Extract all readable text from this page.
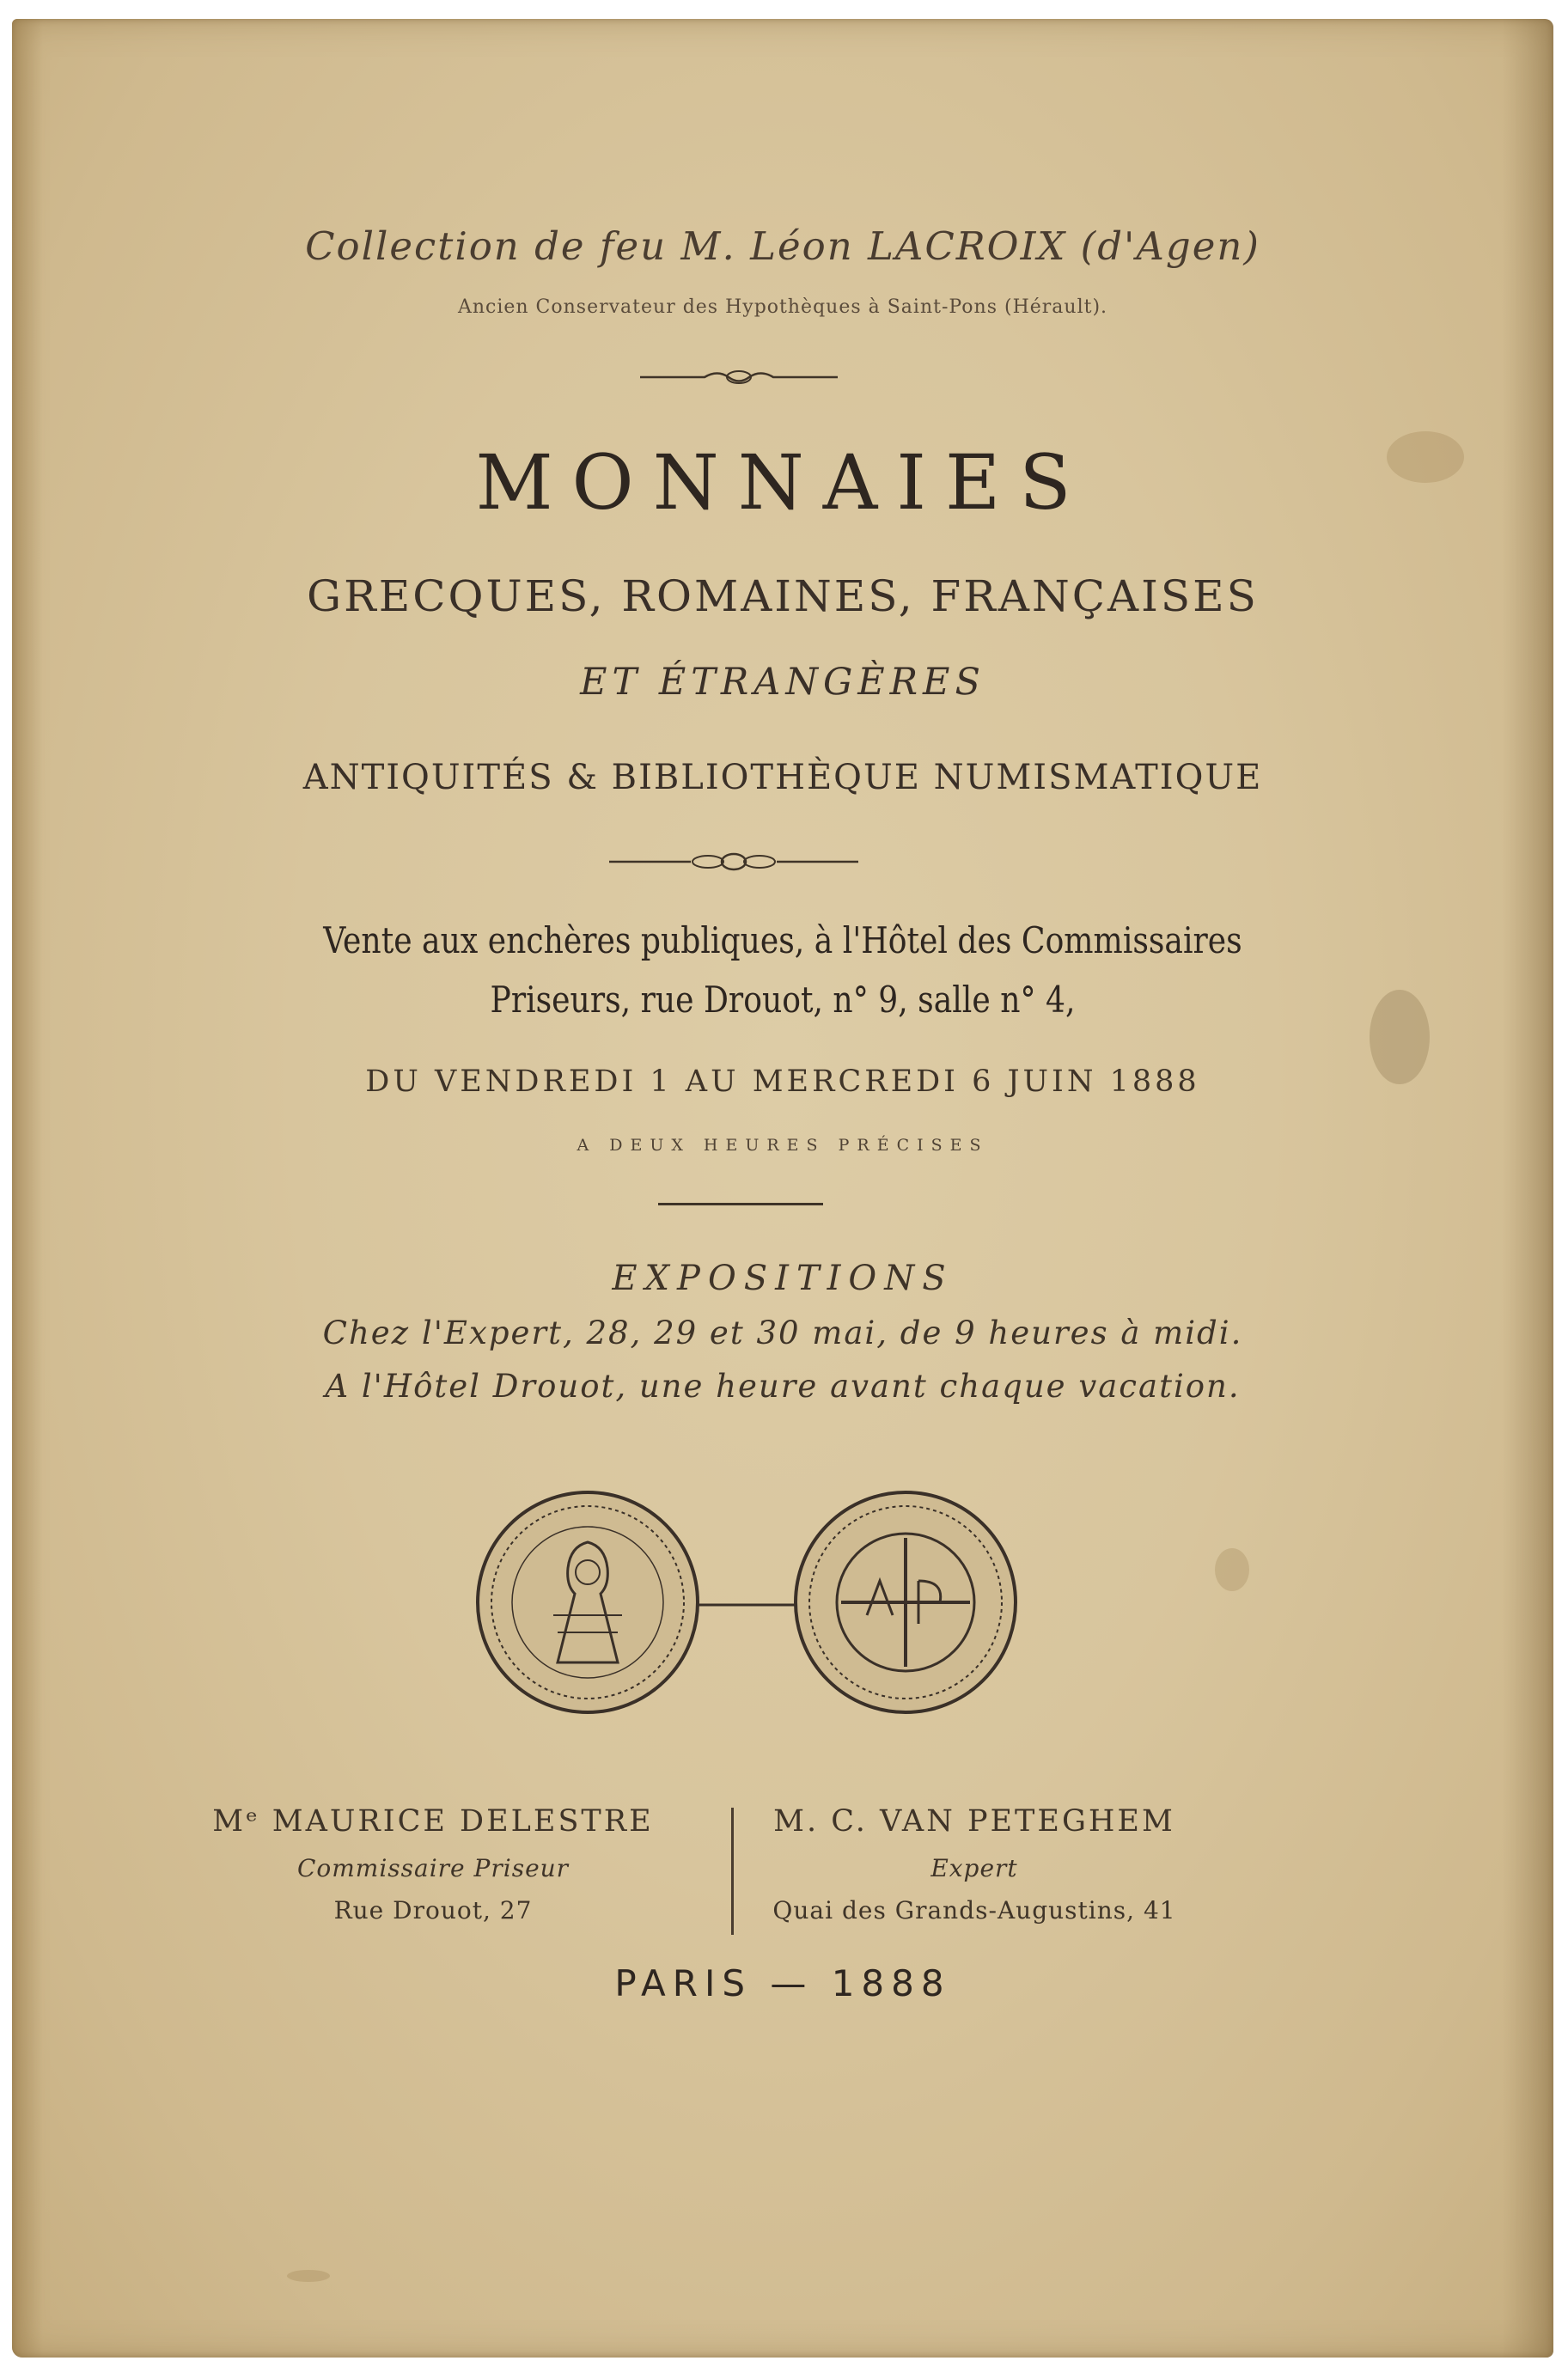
Collection de feu M. Léon LACROIX (d'Agen)
Ancien Conservateur des Hypothèques à Saint-Pons (Hérault).
MONNAIES
GRECQUES, ROMAINES, FRANÇAISES
ET ÉTRANGÈRES
ANTIQUITÉS & BIBLIOTHÈQUE NUMISMATIQUE
Vente aux enchères publiques, à l'Hôtel des Commissaires
Priseurs, rue Drouot, n° 9, salle n° 4,
DU VENDREDI 1 AU MERCREDI 6 JUIN 1888
A DEUX HEURES PRÉCISES
EXPOSITIONS
Chez l'Expert, 28, 29 et 30 mai, de 9 heures à midi.
A l'Hôtel Drouot, une heure avant chaque vacation.
Mᵉ MAURICE DELESTRE
Commissaire Priseur
Rue Drouot, 27
M. C. VAN PETEGHEM
Expert
Quai des Grands-Augustins, 41
PARIS — 1888
